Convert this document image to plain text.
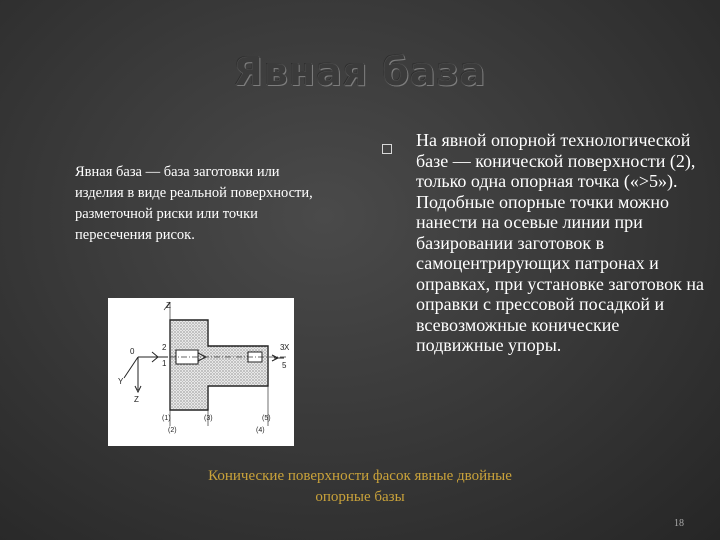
Явная база
Явная база — база заготовки или изделия в виде реальной поверхности, разметочной риски или точки пересечения рисок.
На явной опорной технологической базе — конической поверхности (2), только одна опорная точка («>5»). Подобные опорные точки можно нанести на осевые линии при базировании заготовок в самоцентрирующих патронах и оправках, при установке заготовок на оправки с прессовой посадкой и всевозможные конические подвижные упоры.
Z
Z
Y
0	2
1
3 X
5
(5)
(1)	(3)
(2)	(4)
Конические поверхности фасок явные двойные опорные базы
18
